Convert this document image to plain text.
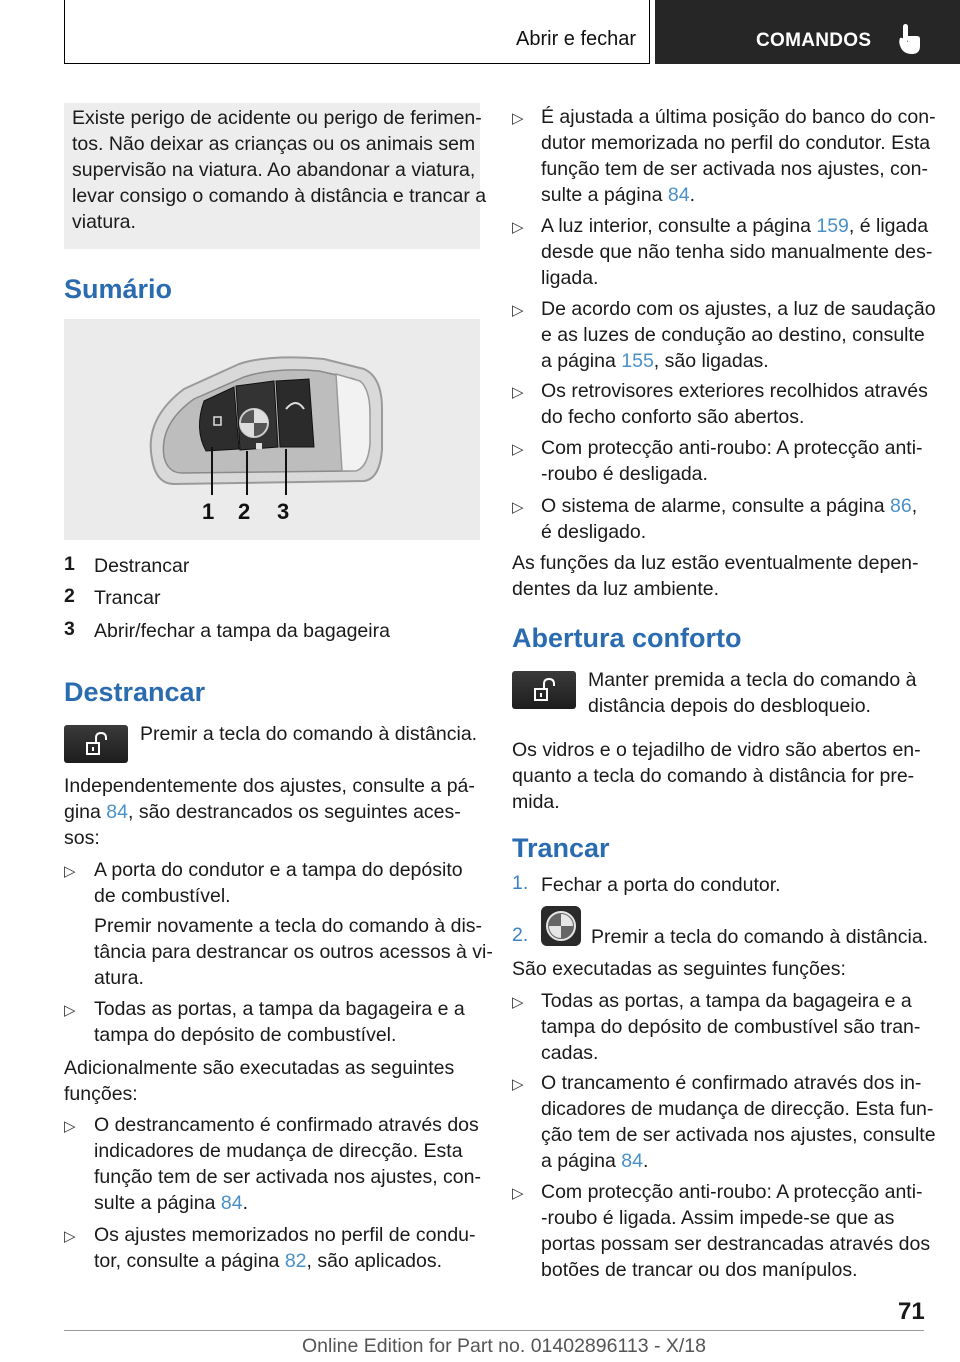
Abrir e fechar	COMANDOS
Existe perigo de acidente ou perigo de ferimen-
tos. Não deixar as crianças ou os animais sem
supervisão na viatura. Ao abandonar a viatura,
levar consigo o comando à distância e trancar a
viatura.
Sumário
1 2 3
1 Destrancar
2 Trancar
3 Abrir/fechar a tampa da bagageira
Destrancar
Premir a tecla do comando à distância.
Independentemente dos ajustes, consulte a pá-
gina 84, são destrancados os seguintes aces-
sos:
▷ A porta do condutor e a tampa do depósito
de combustível.
Premir novamente a tecla do comando à dis-
tância para destrancar os outros acessos à vi-
atura.
▷ Todas as portas, a tampa da bagageira e a
tampa do depósito de combustível.
Adicionalmente são executadas as seguintes
funções:
▷ O destrancamento é confirmado através dos
indicadores de mudança de direcção. Esta
função tem de ser activada nos ajustes, con-
sulte a página 84.
▷ Os ajustes memorizados no perfil de condu-
tor, consulte a página 82, são aplicados.
▷ É ajustada a última posição do banco do con-
dutor memorizada no perfil do condutor. Esta
função tem de ser activada nos ajustes, con-
sulte a página 84.
▷ A luz interior, consulte a página 159, é ligada
desde que não tenha sido manualmente des-
ligada.
▷ De acordo com os ajustes, a luz de saudação
e as luzes de condução ao destino, consulte
a página 155, são ligadas.
▷ Os retrovisores exteriores recolhidos através
do fecho conforto são abertos.
▷ Com protecção anti-roubo: A protecção anti-
-roubo é desligada.
▷ O sistema de alarme, consulte a página 86,
é desligado.
As funções da luz estão eventualmente depen-
dentes da luz ambiente.
Abertura conforto
Manter premida a tecla do comando à
distância depois do desbloqueio.
Os vidros e o tejadilho de vidro são abertos en-
quanto a tecla do comando à distância for pre-
mida.
Trancar
1. Fechar a porta do condutor.
2.	Premir a tecla do comando à distância.
São executadas as seguintes funções:
▷ Todas as portas, a tampa da bagageira e a
tampa do depósito de combustível são tran-
cadas.
▷ O trancamento é confirmado através dos in-
dicadores de mudança de direcção. Esta fun-
ção tem de ser activada nos ajustes, consulte
a página 84.
▷ Com protecção anti-roubo: A protecção anti-
-roubo é ligada. Assim impede-se que as
portas possam ser destrancadas através dos
botões de trancar ou dos manípulos.
71
Online Edition for Part no. 01402896113 - X/18
